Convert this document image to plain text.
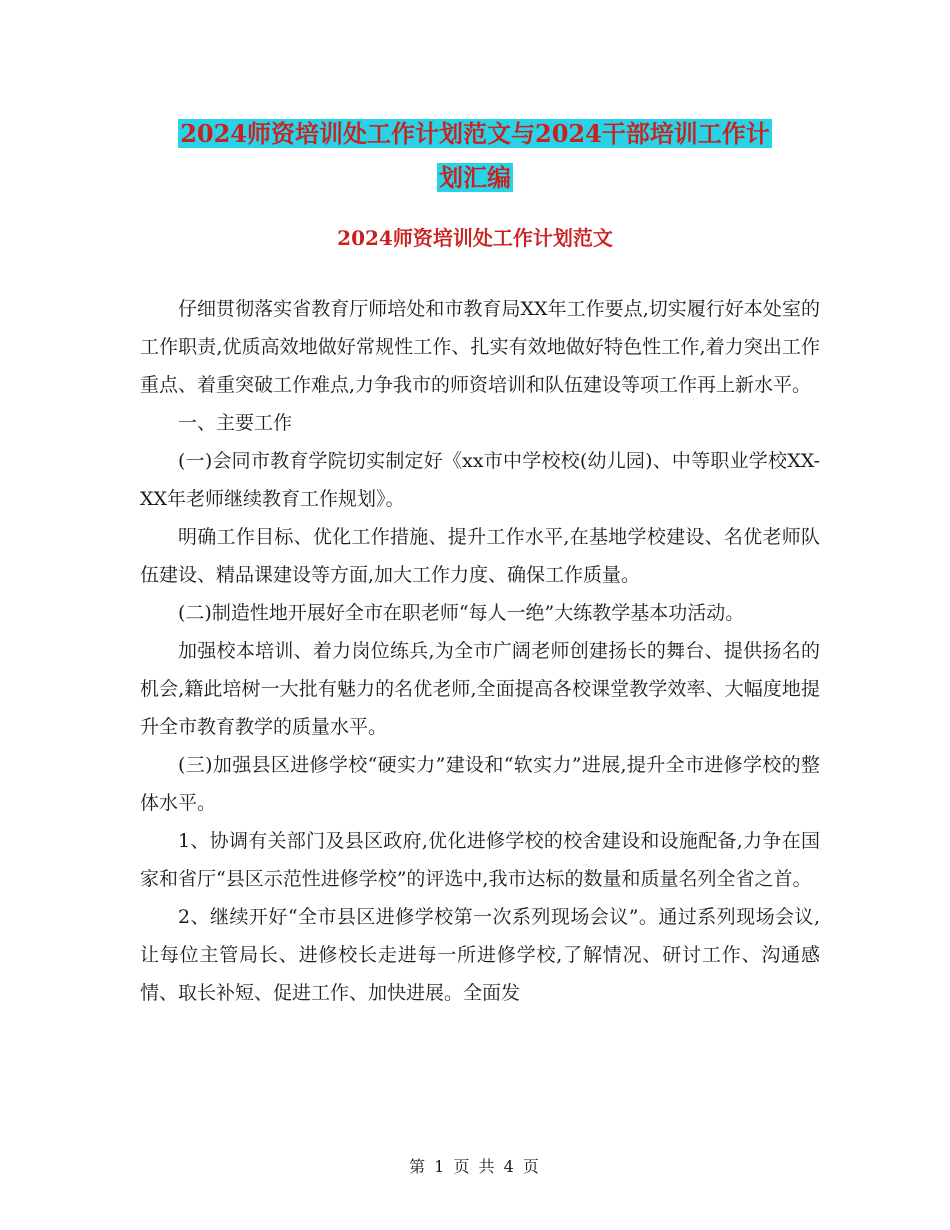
2024师资培训处工作计划范文与2024干部培训工作计
划汇编
2024师资培训处工作计划范文

仔细贯彻落实省教育厅师培处和市教育局XX年工作要点,切实履行好本处室的工作职责,优质高效地做好常规性工作、扎实有效地做好特色性工作,着力突出工作重点、着重突破工作难点,力争我市的师资培训和队伍建设等项工作再上新水平。

一、主要工作

(一)会同市教育学院切实制定好《xx市中学校校(幼儿园)、中等职业学校XX-XX年老师继续教育工作规划》。

明确工作目标、优化工作措施、提升工作水平,在基地学校建设、名优老师队伍建设、精品课建设等方面,加大工作力度、确保工作质量。

(二)制造性地开展好全市在职老师“每人一绝”大练教学基本功活动。

加强校本培训、着力岗位练兵,为全市广阔老师创建扬长的舞台、提供扬名的机会,籍此培树一大批有魅力的名优老师,全面提高各校课堂教学效率、大幅度地提升全市教育教学的质量水平。

(三)加强县区进修学校“硬实力”建设和“软实力”进展,提升全市进修学校的整体水平。

1、协调有关部门及县区政府,优化进修学校的校舍建设和设施配备,力争在国家和省厅“县区示范性进修学校”的评选中,我市达标的数量和质量名列全省之首。

2、继续开好“全市县区进修学校第一次系列现场会议”。通过系列现场会议,让每位主管局长、进修校长走进每一所进修学校,了解情况、研讨工作、沟通感情、取长补短、促进工作、加快进展。全面发

第 1 页 共 4 页
